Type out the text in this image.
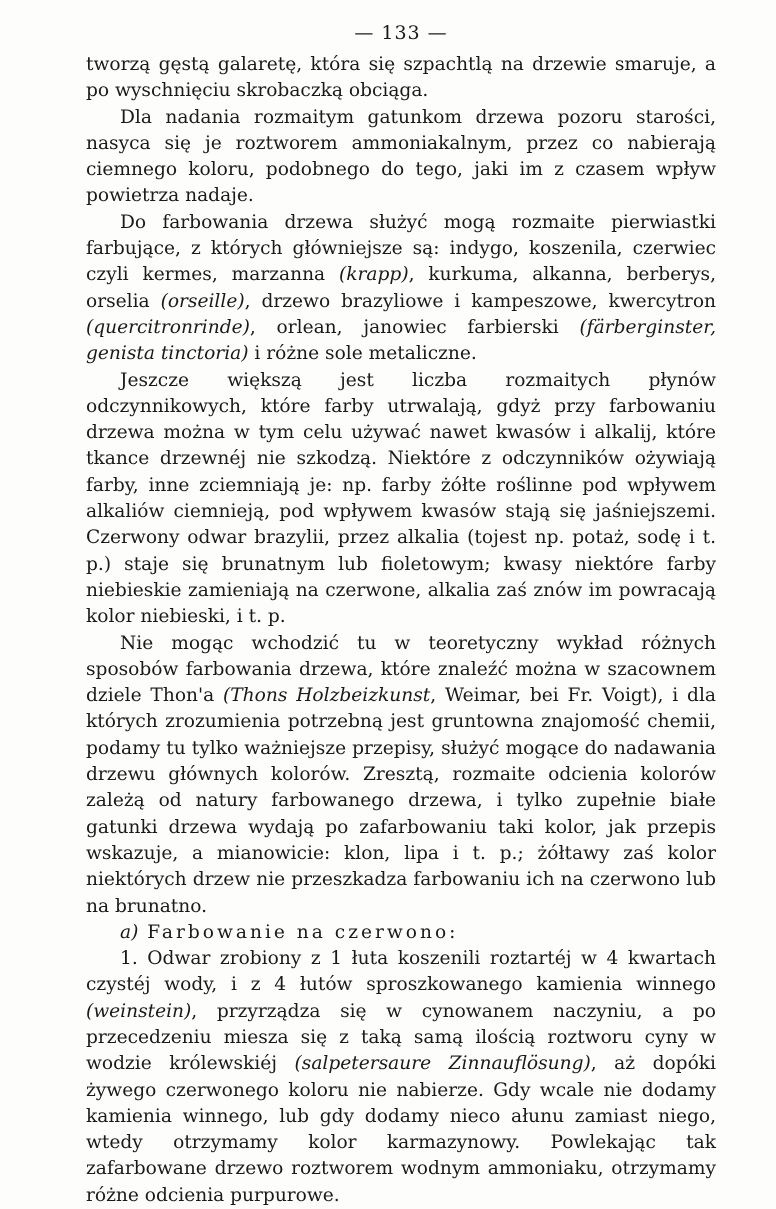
— 133 —

tworzą gęstą galaretę, która się szpachtlą na drzewie smaruje, a po wyschnięciu skrobaczką obciąga.

Dla nadania rozmaitym gatunkom drzewa pozoru starości, nasyca się je roztworem ammoniakalnym, przez co nabierają ciemnego koloru, podobnego do tego, jaki im z czasem wpływ powietrza nadaje.

Do farbowania drzewa służyć mogą rozmaite pierwiastki farbujące, z których główniejsze są: indygo, koszenila, czerwiec czyli kermes, marzanna (krapp), kurkuma, alkanna, berberys, orselia (orseille), drzewo brazyliowe i kampeszowe, kwercytron (quercitronrinde), orlean, janowiec farbierski (färberginster, genista tinctoria) i różne sole metaliczne.

Jeszcze większą jest liczba rozmaitych płynów odczynnikowych, które farby utrwalają, gdyż przy farbowaniu drzewa można w tym celu używać nawet kwasów i alkalij, które tkance drzewnéj nie szkodzą. Niektóre z odczynników ożywiają farby, inne zciemniają je: np. farby żółte roślinne pod wpływem alkaliów ciemnieją, pod wpływem kwasów stają się jaśniejszemi. Czerwony odwar brazylii, przez alkalia (tojest np. potaż, sodę i t. p.) staje się brunatnym lub fioletowym; kwasy niektóre farby niebieskie zamieniają na czerwone, alkalia zaś znów im powracają kolor niebieski, i t. p.

Nie mogąc wchodzić tu w teoretyczny wykład różnych sposobów farbowania drzewa, które znaleźć można w szacownem dziele Thon'a (Thons Holzbeizkunst, Weimar, bei Fr. Voigt), i dla których zrozumienia potrzebną jest gruntowna znajomość chemii, podamy tu tylko ważniejsze przepisy, służyć mogące do nadawania drzewu głównych kolorów. Zresztą, rozmaite odcienia kolorów zależą od natury farbowanego drzewa, i tylko zupełnie białe gatunki drzewa wydają po zafarbowaniu taki kolor, jak przepis wskazuje, a mianowicie: klon, lipa i t. p.; żółtawy zaś kolor niektórych drzew nie przeszkadza farbowaniu ich na czerwono lub na brunatno.

a) Farbowanie na czerwono:

1. Odwar zrobiony z 1 łuta koszenili roztartéj w 4 kwartach czystéj wody, i z 4 łutów sproszkowanego kamienia winnego (weinstein), przyrządza się w cynowanem naczyniu, a po przecedzeniu miesza się z taką samą ilością roztworu cyny w wodzie królewskiéj (salpetersaure Zinnauflösung), aż dopóki żywego czerwonego koloru nie nabierze. Gdy wcale nie dodamy kamienia winnego, lub gdy dodamy nieco ałunu zamiast niego, wtedy otrzymamy kolor karmazynowy. Powlekając tak zafarbowane drzewo roztworem wodnym ammoniaku, otrzymamy różne odcienia purpurowe.
